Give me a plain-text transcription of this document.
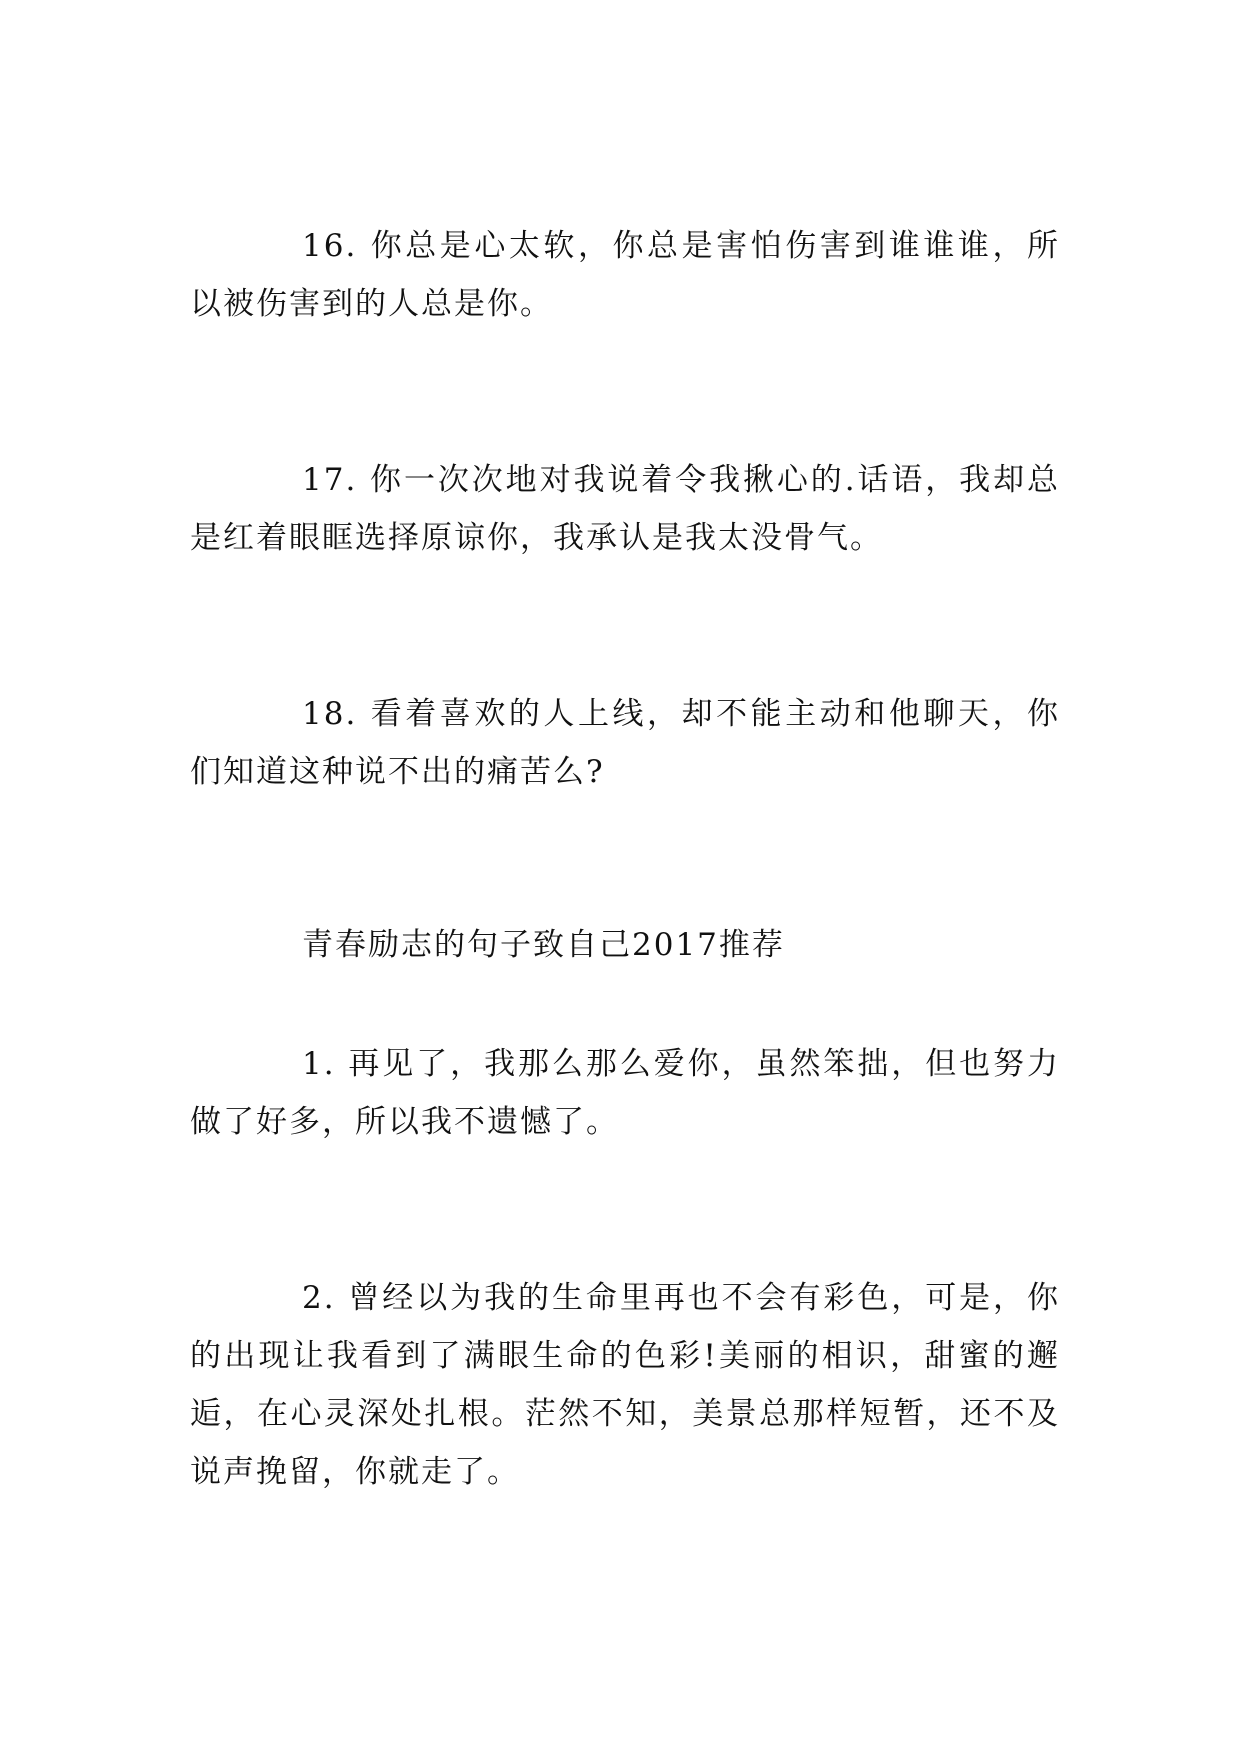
16. 你总是心太软，你总是害怕伤害到谁谁谁，所以被伤害到的人总是你。

17. 你一次次地对我说着令我揪心的.话语，我却总是红着眼眶选择原谅你，我承认是我太没骨气。

18. 看着喜欢的人上线，却不能主动和他聊天，你们知道这种说不出的痛苦么?

青春励志的句子致自己2017推荐

1. 再见了，我那么那么爱你，虽然笨拙，但也努力做了好多，所以我不遗憾了。

2. 曾经以为我的生命里再也不会有彩色，可是，你的出现让我看到了满眼生命的色彩!美丽的相识，甜蜜的邂逅，在心灵深处扎根。茫然不知，美景总那样短暂，还不及说声挽留，你就走了。
